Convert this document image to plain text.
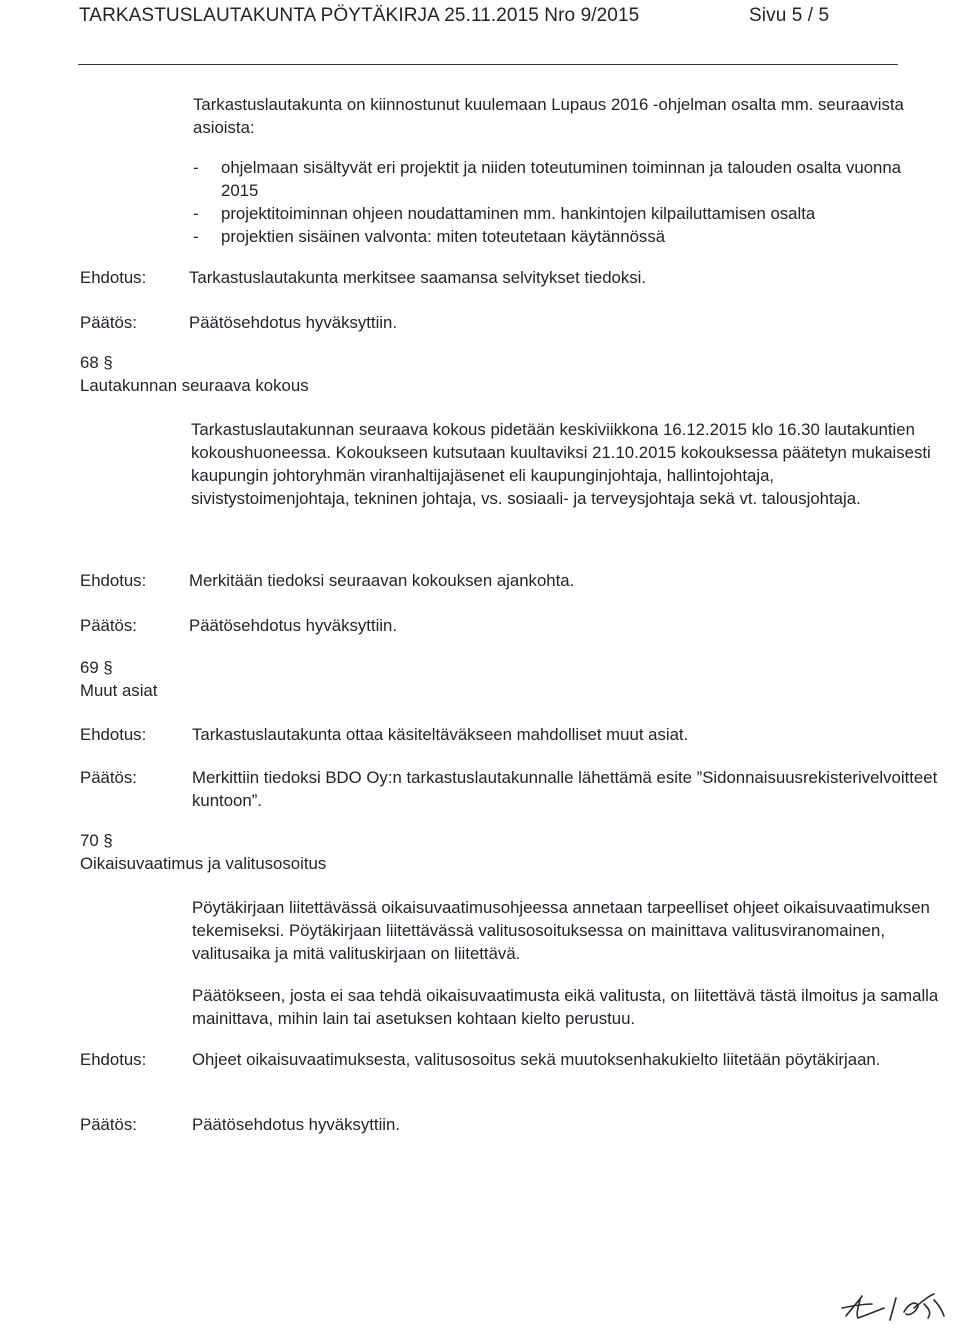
TARKASTUSLAUTAKUNTA PÖYTÄKIRJA 25.11.2015 Nro 9/2015	Sivu 5 / 5
Tarkastuslautakunta on kiinnostunut kuulemaan Lupaus 2016 -ohjelman osalta mm. seuraavista asioista:
- ohjelmaan sisältyvät eri projektit ja niiden toteutuminen toiminnan ja talouden osalta vuonna 2015
- projektitoiminnan ohjeen noudattaminen mm. hankintojen kilpailuttamisen osalta
- projektien sisäinen valvonta: miten toteutetaan käytännössä
Ehdotus:	Tarkastuslautakunta merkitsee saamansa selvitykset tiedoksi.
Päätös:	Päätösehdotus hyväksyttiin.
68 §
Lautakunnan seuraava kokous
Tarkastuslautakunnan seuraava kokous pidetään keskiviikkona 16.12.2015 klo 16.30 lautakuntien kokoushuoneessa. Kokoukseen kutsutaan kuultaviksi 21.10.2015 kokouksessa päätetyn mukaisesti kaupungin johtoryhmän viranhaltijajäsenet eli kaupunginjohtaja, hallintojohtaja, sivistystoimenjohtaja, tekninen johtaja, vs. sosiaali- ja terveysjohtaja sekä vt. talousjohtaja.
Ehdotus:	Merkitään tiedoksi seuraavan kokouksen ajankohta.
Päätös:	Päätösehdotus hyväksyttiin.
69 §
Muut asiat
Ehdotus:	Tarkastuslautakunta ottaa käsiteltäväkseen mahdolliset muut asiat.
Päätös:	Merkittiin tiedoksi BDO Oy:n tarkastuslautakunnalle lähettämä esite ”Sidonnaisuusrekisterivelvoitteet kuntoon”.
70 §
Oikaisuvaatimus ja valitusosoitus
Pöytäkirjaan liitettävässä oikaisuvaatimusohjeessa annetaan tarpeelliset ohjeet oikaisuvaatimuksen tekemiseksi. Pöytäkirjaan liitettävässä valitusosoituksessa on mainittava valitusviranomainen, valitusaika ja mitä valituskirjaan on liitettävä.
Päätökseen, josta ei saa tehdä oikaisuvaatimusta eikä valitusta, on liitettävä tästä ilmoitus ja samalla mainittava, mihin lain tai asetuksen kohtaan kielto perustuu.
Ehdotus:	Ohjeet oikaisuvaatimuksesta, valitusosoitus sekä muutoksenhakukielto liitetään pöytäkirjaan.
Päätös:	Päätösehdotus hyväksyttiin.
